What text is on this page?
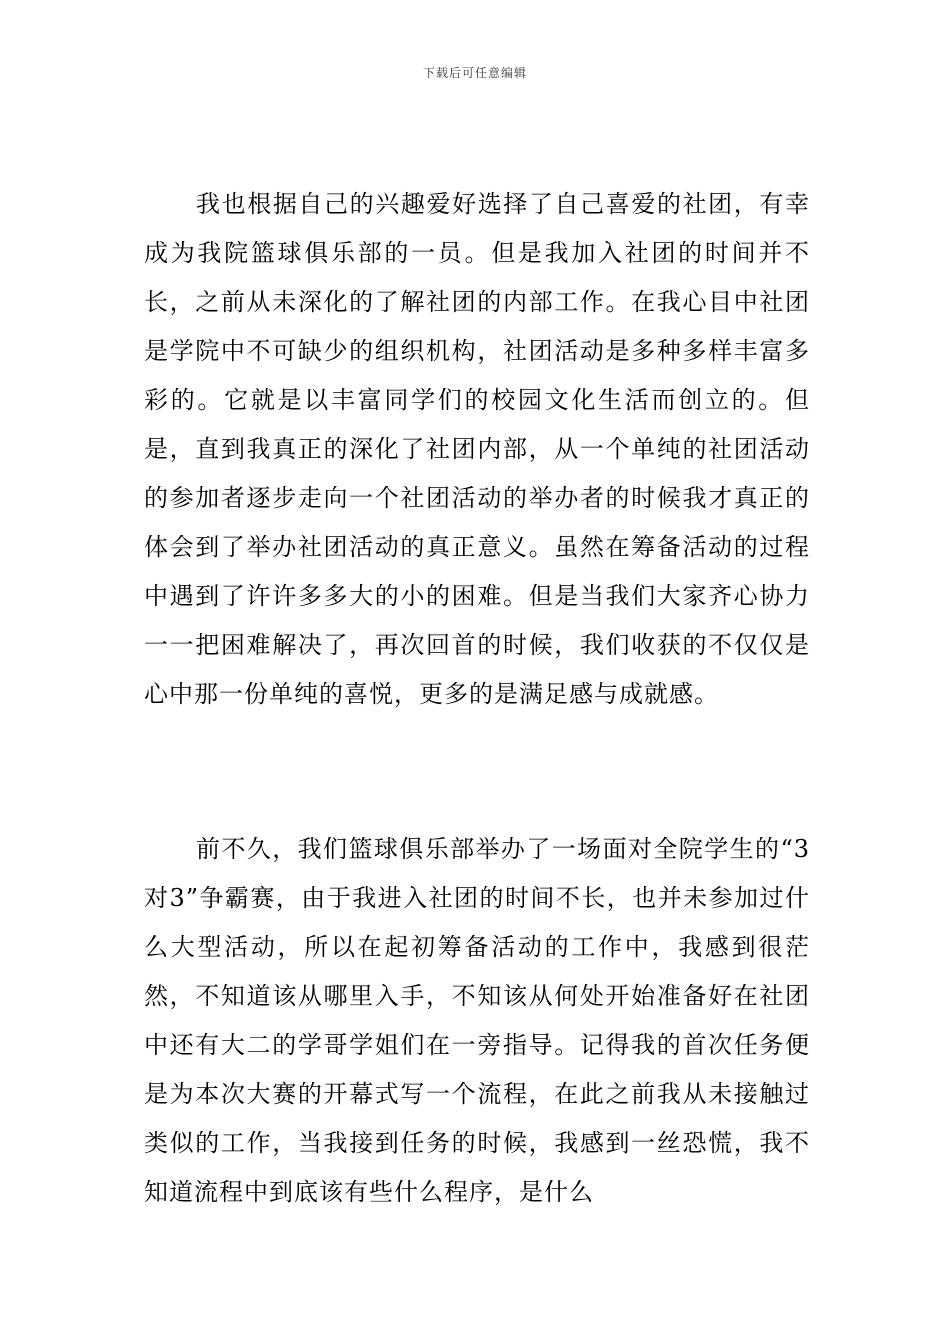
下载后可任意编辑

我也根据自己的兴趣爱好选择了自己喜爱的社团，有幸成为我院篮球俱乐部的一员。但是我加入社团的时间并不长，之前从未深化的了解社团的内部工作。在我心目中社团是学院中不可缺少的组织机构，社团活动是多种多样丰富多彩的。它就是以丰富同学们的校园文化生活而创立的。但是，直到我真正的深化了社团内部，从一个单纯的社团活动的参加者逐步走向一个社团活动的举办者的时候我才真正的体会到了举办社团活动的真正意义。虽然在筹备活动的过程中遇到了许许多多大的小的困难。但是当我们大家齐心协力一一把困难解决了，再次回首的时候，我们收获的不仅仅是心中那一份单纯的喜悦，更多的是满足感与成就感。

前不久，我们篮球俱乐部举办了一场面对全院学生的“3对3”争霸赛，由于我进入社团的时间不长，也并未参加过什么大型活动，所以在起初筹备活动的工作中，我感到很茫然，不知道该从哪里入手，不知该从何处开始准备好在社团中还有大二的学哥学姐们在一旁指导。记得我的首次任务便是为本次大赛的开幕式写一个流程，在此之前我从未接触过类似的工作，当我接到任务的时候，我感到一丝恐慌，我不知道流程中到底该有些什么程序，是什么
